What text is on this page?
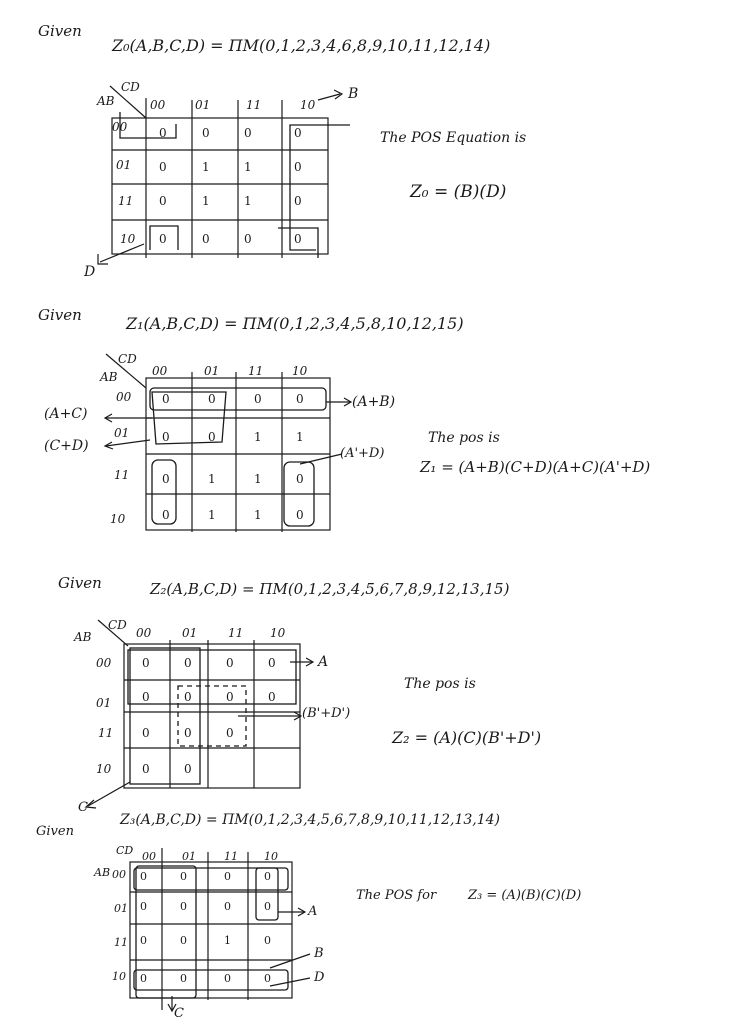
Given
Z₀(A,B,C,D) = ΠM(0,1,2,3,4,6,8,9,10,11,12,14)
CD
AB	00 01	11	10
00
01
11
10
B
D
0	0	0	0
0	1	1	0
0	1	1	0
0	0	0	0
The POS Equation is
Z₀ = (B)(D)
Given	Z₁(A,B,C,D) = ΠM(0,1,2,3,4,5,8,10,12,15)
CD
AB	00	01 11 10
00
01
11
10
(A+C)
(C+D)
(A+B)
(A'+D)
0	0	0	0
0	0	1	1
0	1	1	0
0	1	1	0
The pos is
Z₁ = (A+B)(C+D)(A+C)(A'+D)
Given	Z₂(A,B,C,D) = ΠM(0,1,2,3,4,5,6,7,8,9,12,13,15)
CD
AB	00	01	11 10
00
01
11
10
A
(B'+D')
C
0	0	0	0
0	0	0	0
0	0	0
0	0
The pos is
Z₂ = (A)(C)(B'+D')
Given
Z₃(A,B,C,D) = ΠM(0,1,2,3,4,5,6,7,8,9,10,11,12,13,14)
CD
AB
00 01	11 10
00
01
11
10
A
B
D
C
0	0	0	0
0	0	0	0
0	0	1	0
0	0	0	0
The POS for Z₃ = (A)(B)(C)(D)
